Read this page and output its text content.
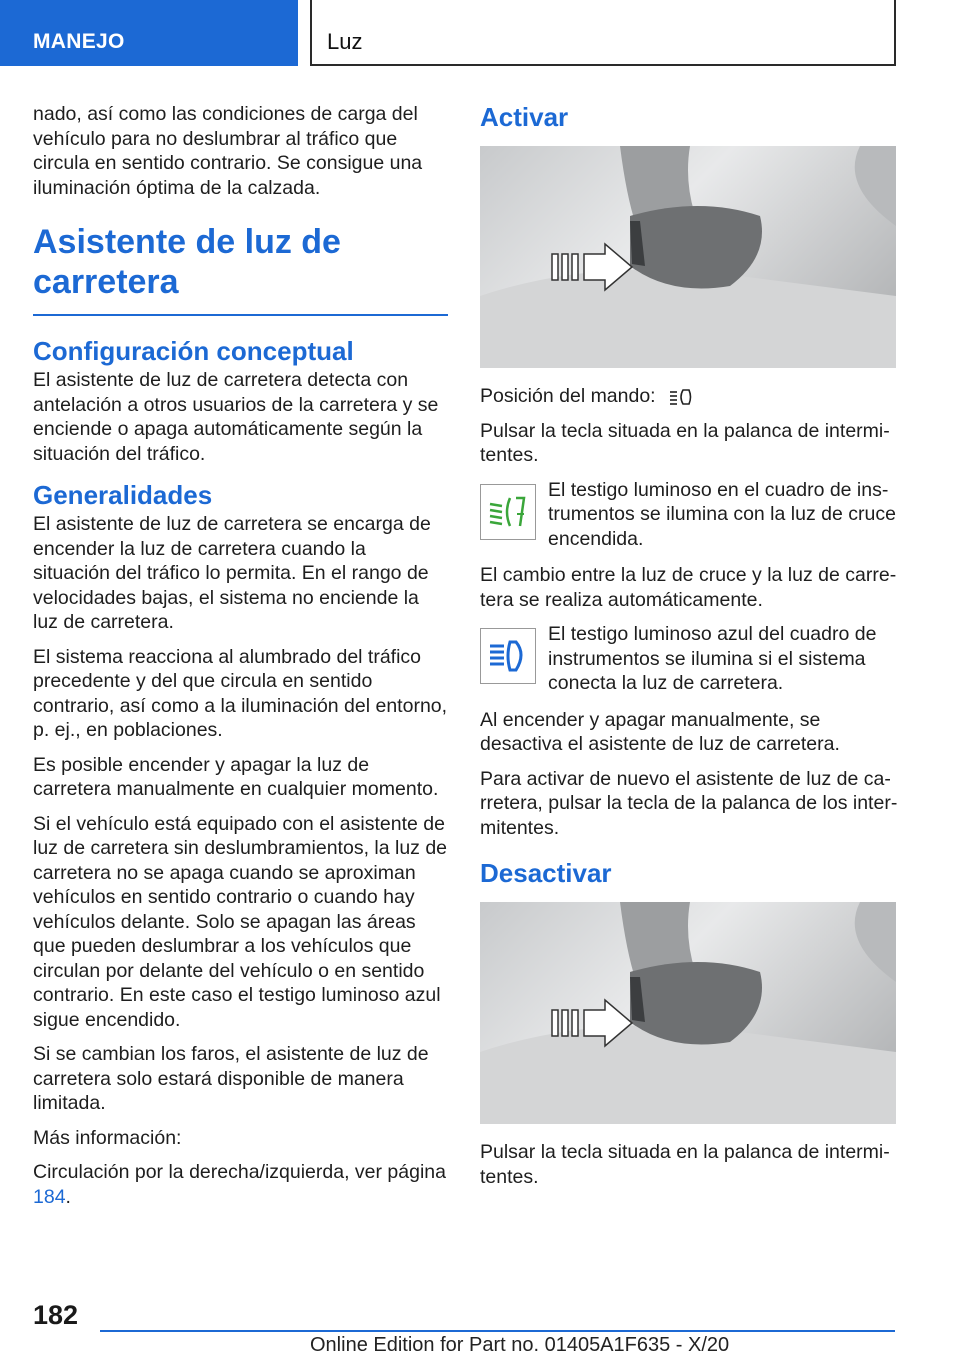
MANEJO	Luz

nado, así como las condiciones de carga del vehículo para no deslumbrar al tráfico que circula en sentido contrario. Se consigue una iluminación óptima de la calzada.

Asistente de luz de carretera
Configuración conceptual

El asistente de luz de carretera detecta con antelación a otros usuarios de la carretera y se enciende o apaga automáticamente según la situación del tráfico.

Generalidades

El asistente de luz de carretera se encarga de encender la luz de carretera cuando la situación del tráfico lo permita. En el rango de velocidades bajas, el sistema no enciende la luz de carretera.

El sistema reacciona al alumbrado del tráfico precedente y del que circula en sentido contrario, así como a la iluminación del entorno, p. ej., en poblaciones.

Es posible encender y apagar la luz de carretera manualmente en cualquier momento.

Si el vehículo está equipado con el asistente de luz de carretera sin deslumbramientos, la luz de carretera no se apaga cuando se aproximan vehículos en sentido contrario o cuando hay vehículos delante. Solo se apagan las áreas que pueden deslumbrar a los vehículos que circulan por delante del vehículo o en sentido contrario. En este caso el testigo luminoso azul sigue encendido.

Si se cambian los faros, el asistente de luz de carretera solo estará disponible de manera limitada.

Más información:

Circulación por la derecha/izquierda, ver página 184.

Activar

Posición del mando:

Pulsar la tecla situada en la palanca de intermitentes.

El testigo luminoso en el cuadro de instrumentos se ilumina con la luz de cruce encendida.

El cambio entre la luz de cruce y la luz de carretera se realiza automáticamente.

El testigo luminoso azul del cuadro de instrumentos se ilumina si el sistema conecta la luz de carretera.

Al encender y apagar manualmente, se desactiva el asistente de luz de carretera.

Para activar de nuevo el asistente de luz de carretera, pulsar la tecla de la palanca de los intermitentes.

Desactivar

Pulsar la tecla situada en la palanca de intermitentes.

182
Online Edition for Part no. 01405A1F635 - X/20
